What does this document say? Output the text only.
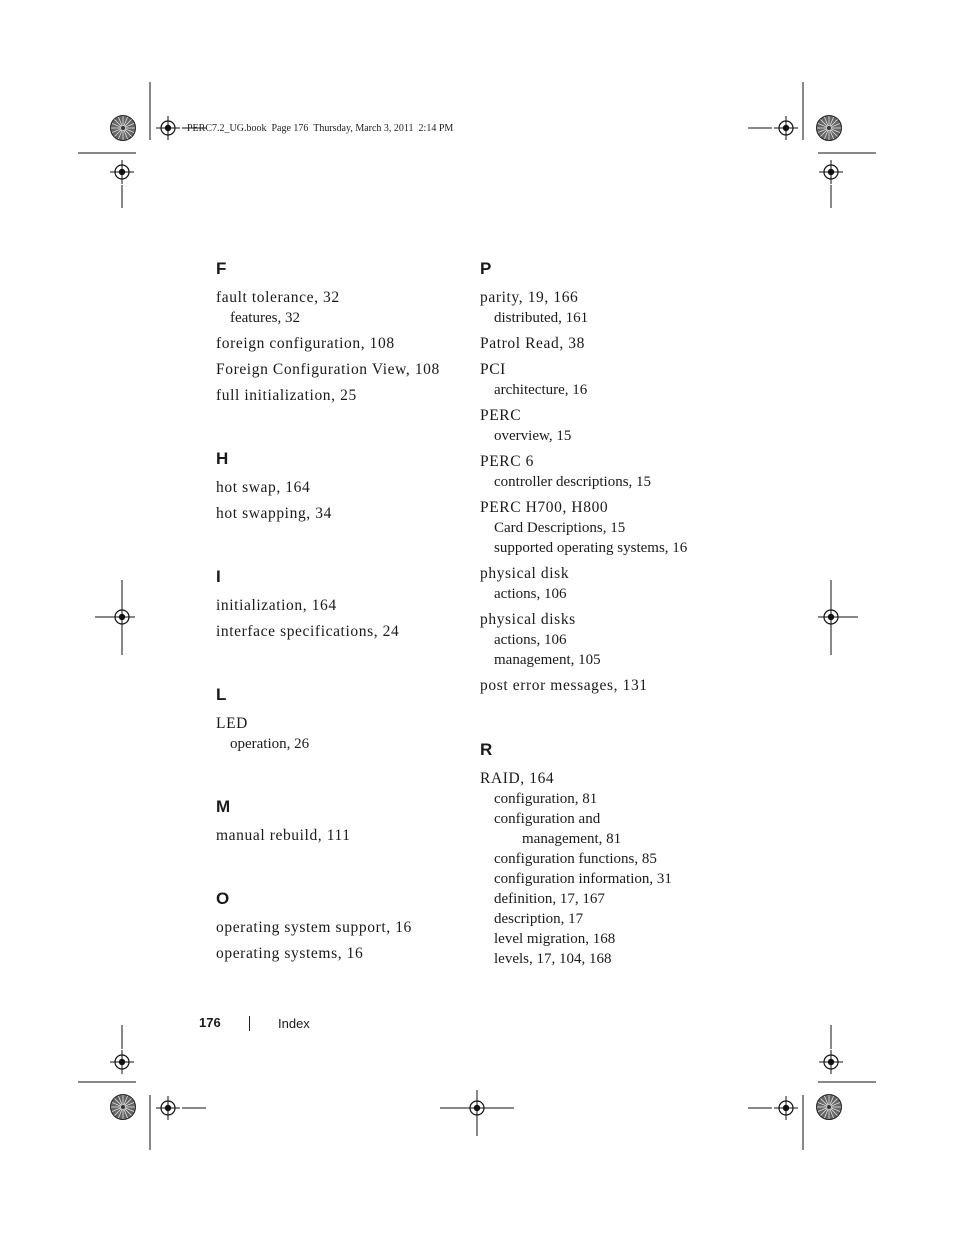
PERC7.2_UG.book  Page 176  Thursday, March 3, 2011  2:14 PM
F
fault tolerance, 32
features, 32
foreign configuration, 108
Foreign Configuration View, 108
full initialization, 25
H
hot swap, 164
hot swapping, 34
I
initialization, 164
interface specifications, 24
L
LED
operation, 26
M
manual rebuild, 111
O
operating system support, 16
operating systems, 16
P
parity, 19, 166
distributed, 161
Patrol Read, 38
PCI
architecture, 16
PERC
overview, 15
PERC 6
controller descriptions, 15
PERC H700, H800
Card Descriptions, 15
supported operating systems, 16
physical disk
actions, 106
physical disks
actions, 106
management, 105
post error messages, 131
R
RAID, 164
configuration, 81
configuration and
management, 81
configuration functions, 85
configuration information, 31
definition, 17, 167
description, 17
level migration, 168
levels, 17, 104, 168
176	Index
